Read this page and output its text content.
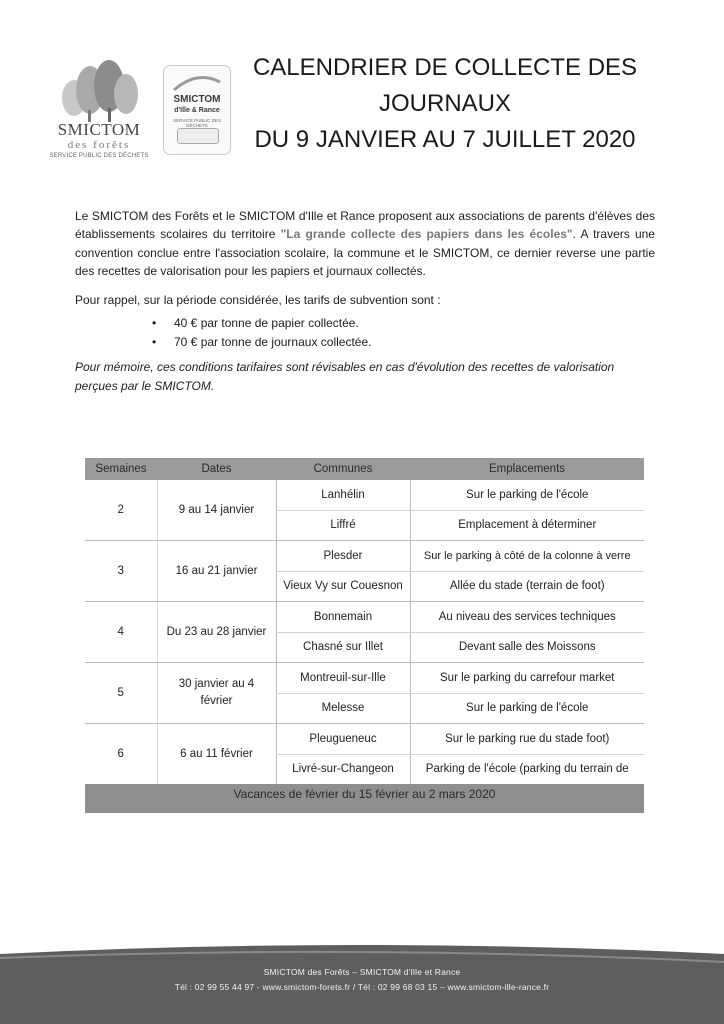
SMICTOM
des forêts
SERVICE PUBLIC DES DÉCHETS
SMICTOM
d'Ille & Rance
SERVICE PUBLIC DES DÉCHETS
CALENDRIER DE COLLECTE DES
JOURNAUX
DU 9 JANVIER AU 7 JUILLET 2020
Le SMICTOM des Forêts et le SMICTOM d'Ille et Rance proposent aux associations de parents d'élèves des établissements scolaires du territoire "La grande collecte des papiers dans les écoles". A travers une convention conclue entre l'association scolaire, la commune et le SMICTOM, ce dernier reverse une partie des recettes de valorisation pour les papiers et journaux collectés.
Pour rappel, sur la période considérée, les tarifs de subvention sont :
• 40 € par tonne de papier collectée.
• 70 € par tonne de journaux collectée.
Pour mémoire, ces conditions tarifaires sont révisables en cas d'évolution des recettes de valorisation perçues par le SMICTOM.
Semaines	Dates	Communes	Emplacements
2	9 au 14 janvier	Lanhélin	Sur le parking de l'école
		Liffré	Emplacement à déterminer
3	16 au 21 janvier	Plesder	Sur le parking à côté de la colonne à verre
		Vieux Vy sur Couesnon	Allée du stade (terrain de foot)
4	Du 23 au 28 janvier	Bonnemain	Au niveau des services techniques
		Chasné sur Illet	Devant salle des Moissons
5	30 janvier au 4 février	Montreuil-sur-Ille	Sur le parking du carrefour market
		Melesse	Sur le parking de l'école
6	6 au 11 février	Pleugueneuc	Sur le parking rue du stade foot)
		Livré-sur-Changeon	Parking de l'école (parking du terrain de
Vacances de février du 15 février au 2 mars 2020			
SMICTOM des Forêts – SMICTOM d'Ille et Rance
Tél : 02 99 55 44 97 - www.smictom-forets.fr / Tél : 02 99 68 03 15 – www.smictom-ille-rance.fr
